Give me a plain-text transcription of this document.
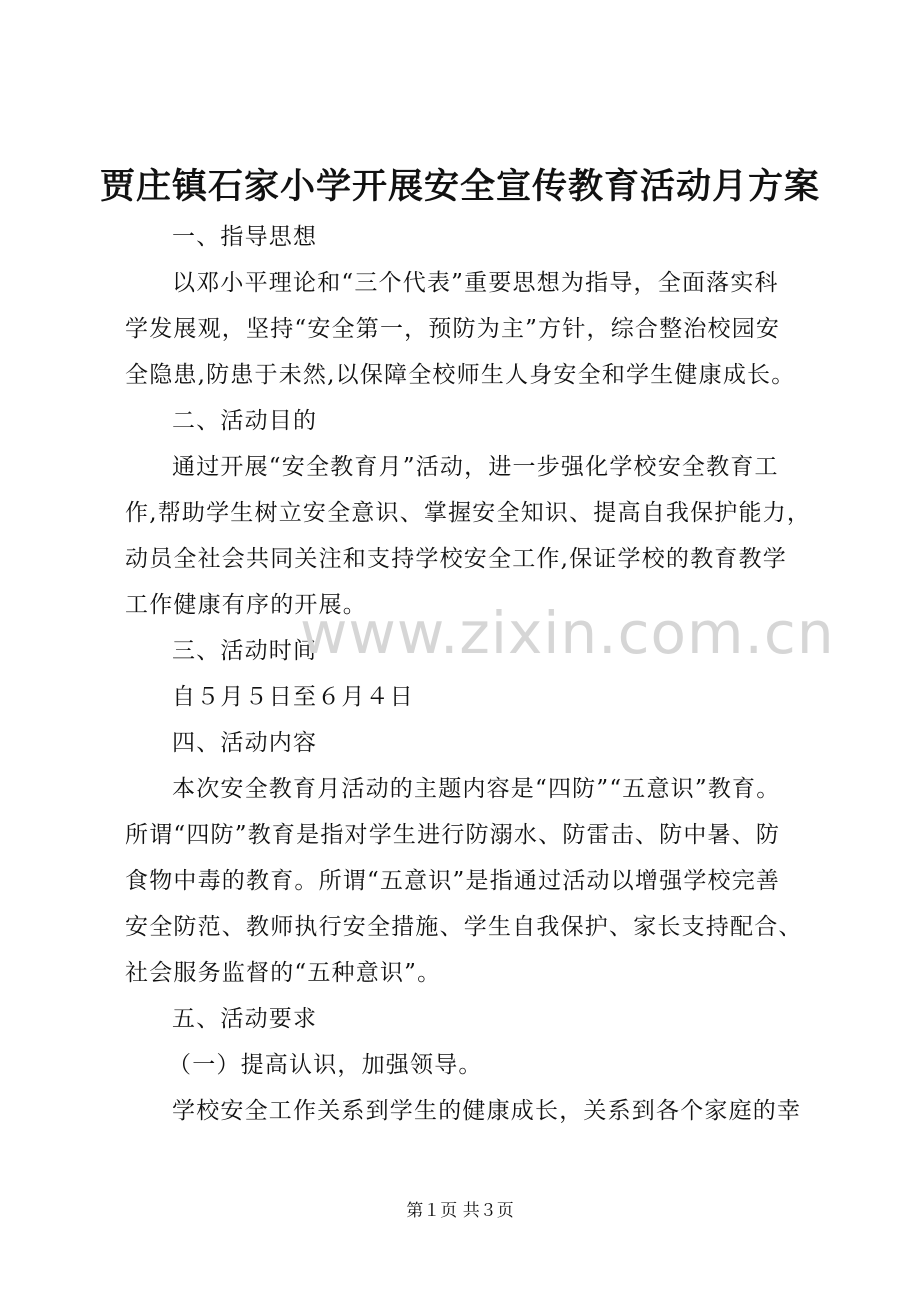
贾庄镇石家小学开展安全宣传教育活动月方案
一、指导思想
以邓小平理论和“三个代表”重要思想为指导，全面落实科
学发展观，坚持“安全第一，预防为主”方针，综合整治校园安
全隐患,防患于未然,以保障全校师生人身安全和学生健康成长。
二、活动目的
通过开展“安全教育月”活动，进一步强化学校安全教育工
作,帮助学生树立安全意识、掌握安全知识、提高自我保护能力，
动员全社会共同关注和支持学校安全工作,保证学校的教育教学
工作健康有序的开展。
三、活动时间
自５月５日至６月４日
四、活动内容
本次安全教育月活动的主题内容是“四防”“五意识”教育。
所谓“四防”教育是指对学生进行防溺水、防雷击、防中暑、防
食物中毒的教育。所谓“五意识”是指通过活动以增强学校完善
安全防范、教师执行安全措施、学生自我保护、家长支持配合、
社会服务监督的“五种意识”。
五、活动要求
（一）提高认识，加强领导。
学校安全工作关系到学生的健康成长，关系到各个家庭的幸
www.zixin.com.cn
第１页 共３页
